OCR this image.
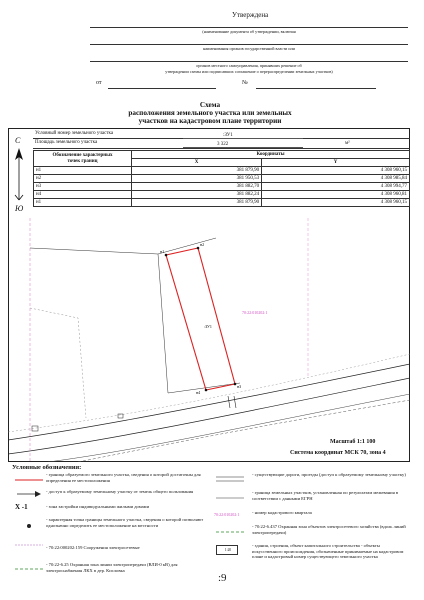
Утверждена
(наименование документа об утверждении, включая
наименования органов государственной власти или
органов местного самоуправления, принявших решение об
утверждении схемы или подписавших соглашение о перераспределении земельных участков)
от	№
Схема
расположения земельного участка или земельных
участков на кадастровом плане территории
Условный номер земельного участка	:ЗУ1
Площадь земельного участка	3 322	м²
Обозначение характерных
точек границ	Координаты	
	X	Y
н1	381 879,90	4 308 960,15
н2	381 950,53	4 308 985,84
н3	381 882,70	4 308 994,77
н4	381 882,24	4 308 960,81
н1	381 879,90	4 308 960,15
С
Ю
н1
н2
н3
н4
:ЗУ1
70:22:010202:1
Масштаб 1:1 100
Система координат МСК 70, зона 4
Условные обозначения:
Х -1
- граница образуемого земельного участка, сведения о которой достаточны для определения ее местоположения
- доступ к образуемому земельному участку от земель общего пользования
- зона застройки индивидуальными жилыми домами
- характерная точка границы земельного участка, сведения о которой позволяют однозначно определить ее местоположение на местности
- 70:22:000202:159 Сооружения электросетевые
- 70:22-6.25 Охранная зона линии электропередачи (ВЛИ-0 кВ) для электроснабжения ЛКХ в дер. Кисловка
70:22:010202:1
1:20
- существующие дороги, проезды (доступ к образуемому земельному участку)
- граница земельных участков, установленная по результатам межевания в соответствии с данными ЕГРН
- номер кадастрового квартала
- 70:22-6.437 Охранная зона объектов электросетевого хозяйства (вдоль линий электропередачи)
- здания, строения, объект капитального строительства - объекты искусственного происхождения, обозначенные принимаемые на кадастровом плане и кадастровый номер существующего земельного участка
:9
